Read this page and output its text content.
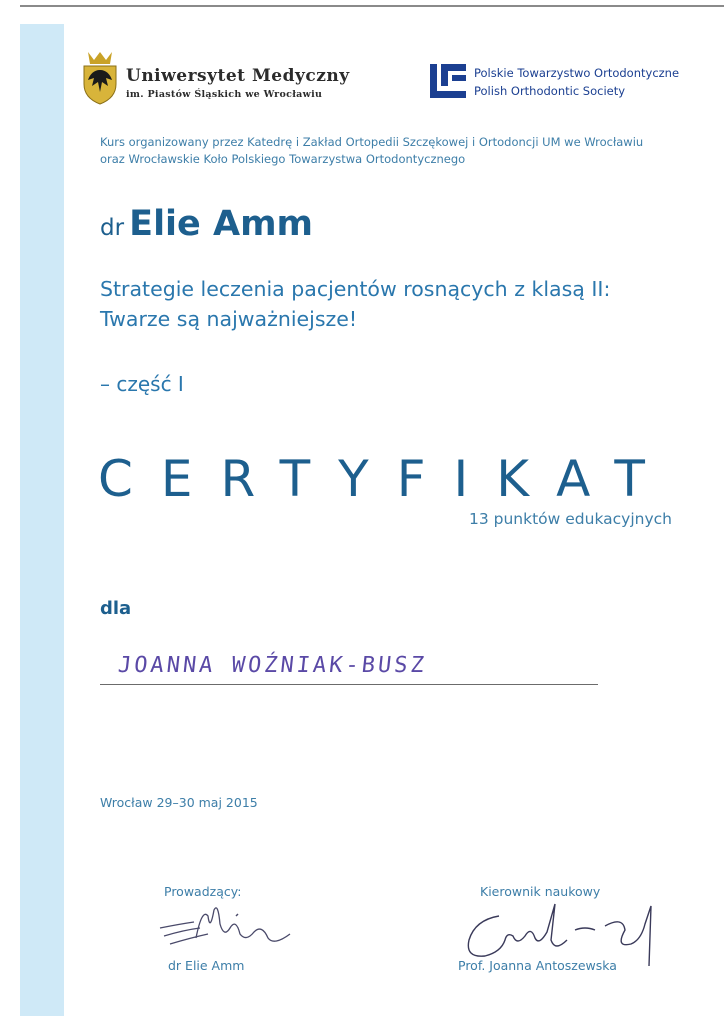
Uniwersytet Medyczny
im. Piastów Śląskich we Wrocławiu
Polskie Towarzystwo Ortodontyczne
Polish Orthodontic Society
Kurs organizowany przez Katedrę i Zakład Ortopedii Szczękowej i Ortodoncji UM we Wrocławiu
oraz Wrocławskie Koło Polskiego Towarzystwa Ortodontycznego
dr Elie Amm
Strategie leczenia pacjentów rosnących z klasą II:
Twarze są najważniejsze!
– część I
CERTYFIKAT
13 punktów edukacyjnych
dla
JOANNA WOŹNIAK-BUSZ
Wrocław 29–30 maj 2015
Prowadzący:
dr Elie Amm
Kierownik naukowy
Prof. Joanna Antoszewska
